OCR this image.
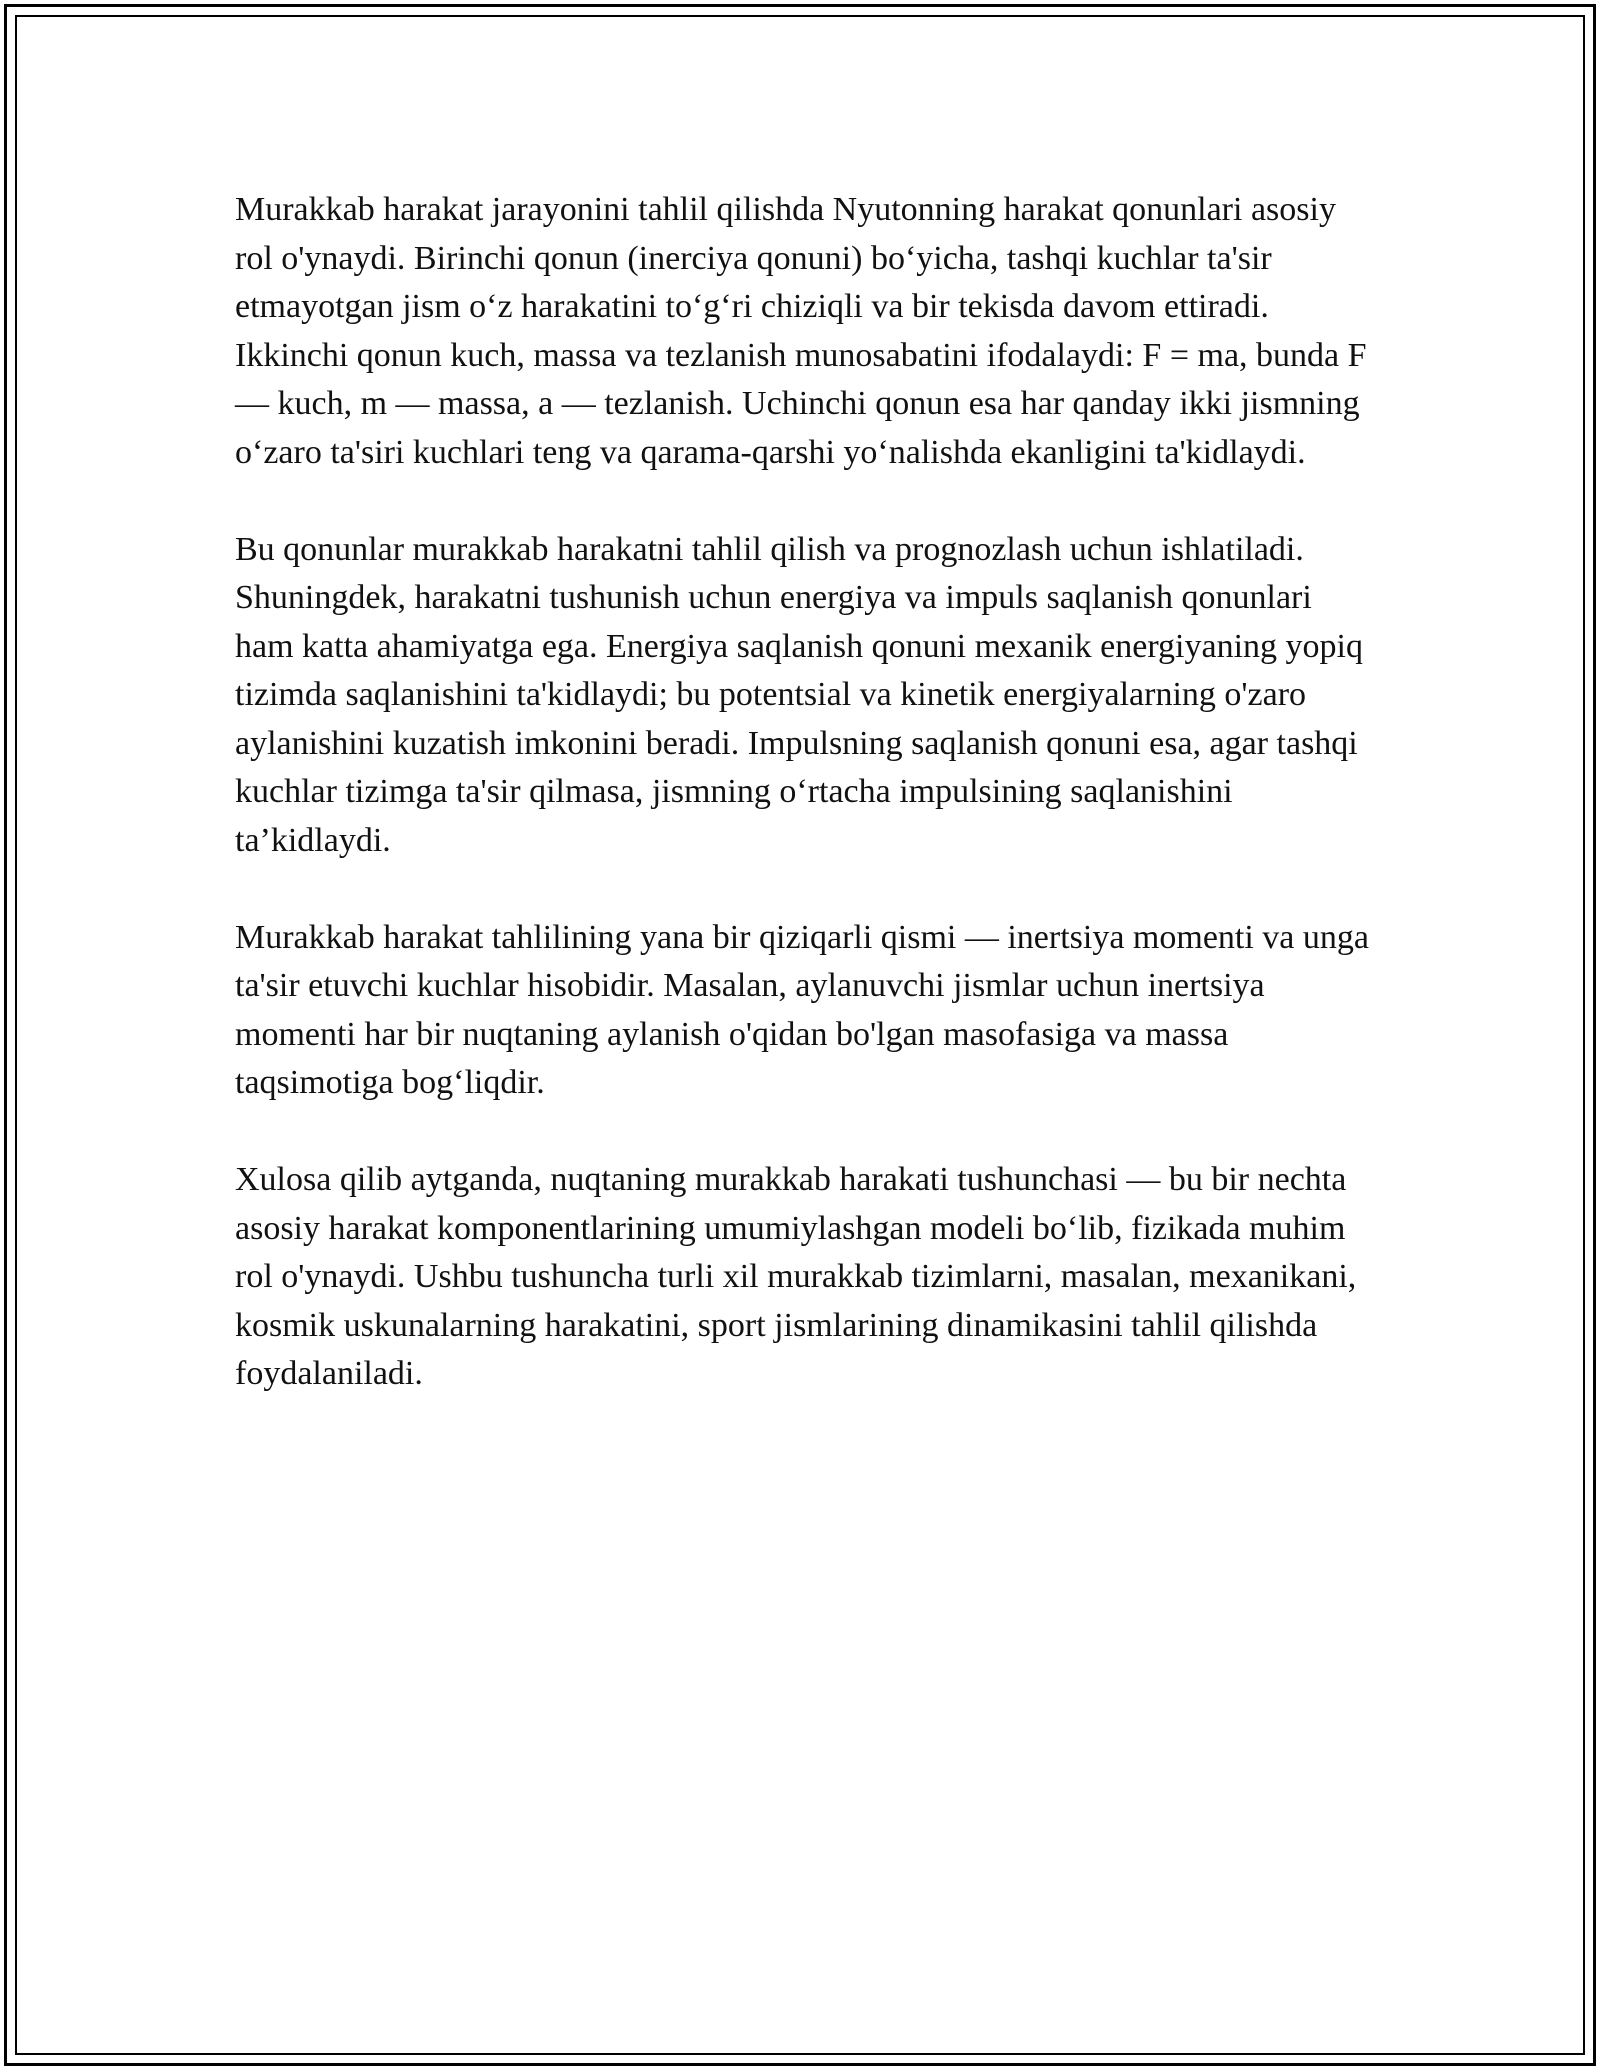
Murakkab harakat jarayonini tahlil qilishda Nyutonning harakat qonunlari asosiy rol o'ynaydi. Birinchi qonun (inerciya qonuni) bo‘yicha, tashqi kuchlar ta'sir etmayotgan jism o‘z harakatini to‘g‘ri chiziqli va bir tekisda davom ettiradi. Ikkinchi qonun kuch, massa va tezlanish munosabatini ifodalaydi: F = ma, bunda F — kuch, m — massa, a — tezlanish. Uchinchi qonun esa har qanday ikki jismning o‘zaro ta'siri kuchlari teng va qarama-qarshi yo‘nalishda ekanligini ta'kidlaydi.

Bu qonunlar murakkab harakatni tahlil qilish va prognozlash uchun ishlatiladi. Shuningdek, harakatni tushunish uchun energiya va impuls saqlanish qonunlari ham katta ahamiyatga ega. Energiya saqlanish qonuni mexanik energiyaning yopiq tizimda saqlanishini ta'kidlaydi; bu potentsial va kinetik energiyalarning o'zaro aylanishini kuzatish imkonini beradi. Impulsning saqlanish qonuni esa, agar tashqi kuchlar tizimga ta'sir qilmasa, jismning o‘rtacha impulsining saqlanishini ta’kidlaydi.

Murakkab harakat tahlilining yana bir qiziqarli qismi — inertsiya momenti va unga ta'sir etuvchi kuchlar hisobidir. Masalan, aylanuvchi jismlar uchun inertsiya momenti har bir nuqtaning aylanish o'qidan bo'lgan masofasiga va massa taqsimotiga bog‘liqdir.

Xulosa qilib aytganda, nuqtaning murakkab harakati tushunchasi — bu bir nechta asosiy harakat komponentlarining umumiylashgan modeli bo‘lib, fizikada muhim rol o'ynaydi. Ushbu tushuncha turli xil murakkab tizimlarni, masalan, mexanikani, kosmik uskunalarning harakatini, sport jismlarining dinamikasini tahlil qilishda foydalaniladi.
